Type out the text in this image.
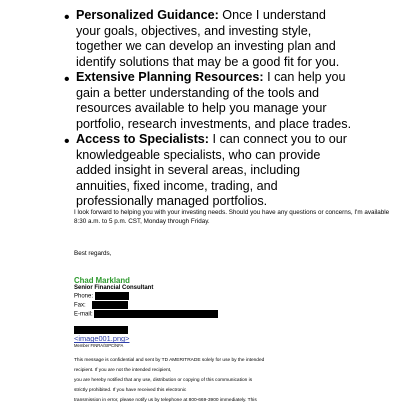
• Personalized Guidance: Once I understand
your goals, objectives, and investing style,
together we can develop an investing plan and
identify solutions that may be a good fit for you.
• Extensive Planning Resources: I can help you
gain a better understanding of the tools and
resources available to help you manage your
portfolio, research investments, and place trades.
• Access to Specialists: I can connect you to our
knowledgeable specialists, who can provide
added insight in several areas, including
annuities, fixed income, trading, and
professionally managed portfolios.
I look forward to helping you with your investing needs. Should you have any questions or concerns, I'm available 8:30 a.m. to 5 p.m. CST, Monday through Friday.
Best regards,
Chad Markland
Senior Financial Consultant
Phone:
Fax:
E-mail:
<image001.png>
Member FINRA/SIPC/NFA
This message is confidential and sent by TD AMERITRADE solely for use by the intended
recipient. If you are not the intended recipient,
you are hereby notified that any use, distribution or copying of this communication is
strictly prohibited. If you have received this electronic
transmission in error, please notify us by telephone at 800-669-3900 immediately. This
